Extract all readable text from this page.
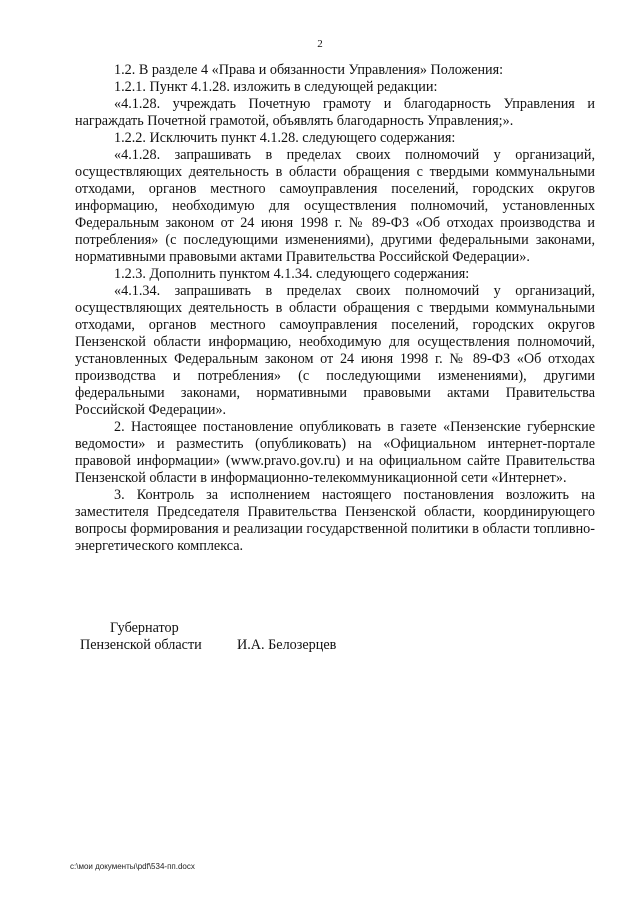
2

1.2. В разделе 4 «Права и обязанности Управления» Положения:

1.2.1. Пункт 4.1.28. изложить в следующей редакции:

«4.1.28. учреждать Почетную грамоту и благодарность Управления и награждать Почетной грамотой, объявлять благодарность Управления;».

1.2.2. Исключить пункт 4.1.28. следующего содержания:

«4.1.28. запрашивать в пределах своих полномочий у организаций, осуществляющих деятельность в области обращения с твердыми коммунальными отходами, органов местного самоуправления поселений, городских округов информацию, необходимую для осуществления полномочий, установленных Федеральным законом от 24 июня 1998 г. № 89-ФЗ «Об отходах производства и потребления» (с последующими изменениями), другими федеральными законами, нормативными правовыми актами Правительства Российской Федерации».

1.2.3. Дополнить пунктом 4.1.34. следующего содержания:

«4.1.34. запрашивать в пределах своих полномочий у организаций, осуществляющих деятельность в области обращения с твердыми коммунальными отходами, органов местного самоуправления поселений, городских округов Пензенской области информацию, необходимую для осуществления полномочий, установленных Федеральным законом от 24 июня 1998 г. № 89-ФЗ «Об отходах производства и потребления» (с последующими изменениями), другими федеральными законами, нормативными правовыми актами Правительства Российской Федерации».

2. Настоящее постановление опубликовать в газете «Пензенские губернские ведомости» и разместить (опубликовать) на «Официальном интернет-портале правовой информации» (www.pravo.gov.ru) и на официальном сайте Правительства Пензенской области в информационно-телекоммуникационной сети «Интернет».

3. Контроль за исполнением настоящего постановления возложить на заместителя Председателя Правительства Пензенской области, координирующего вопросы формирования и реализации государственной политики в области топливно-энергетического комплекса.

Губернатор
Пензенской области И.А. Белозерцев
c:\мои документы\pdf\534-пп.docx
